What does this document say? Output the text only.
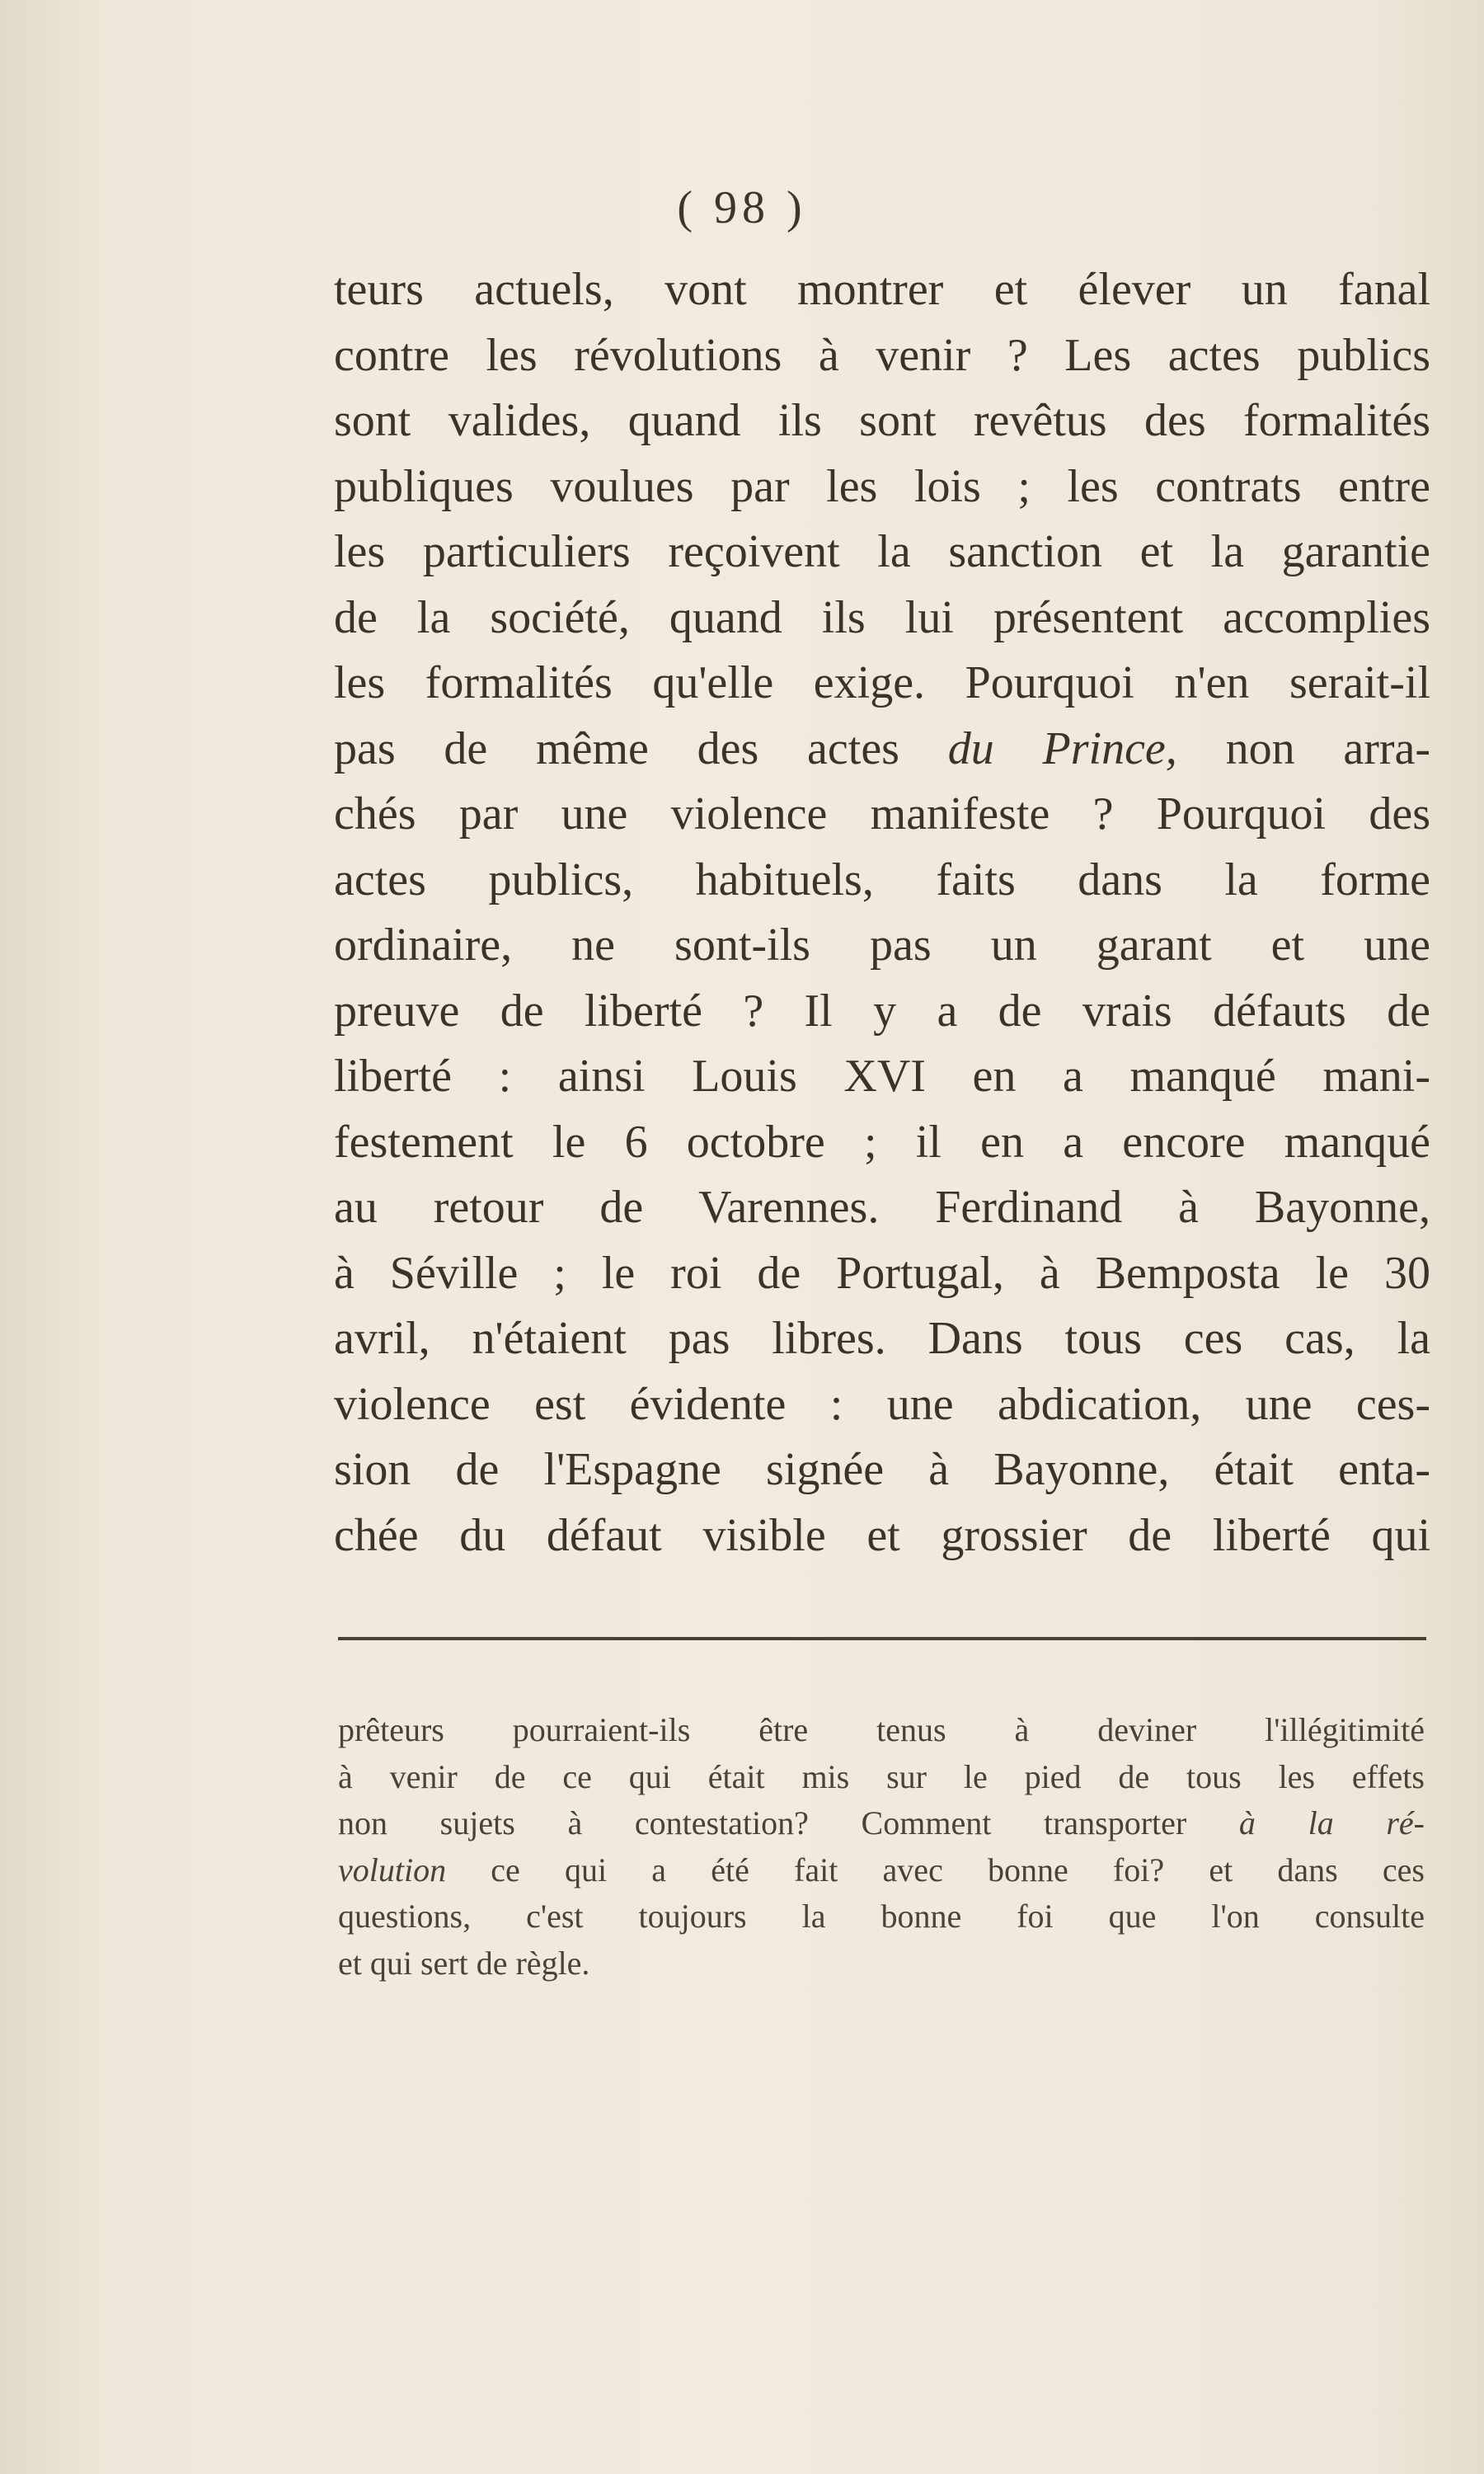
( 98 )
teurs actuels, vont montrer et élever un fanal
contre les révolutions à venir ? Les actes publics
sont valides, quand ils sont revêtus des formalités
publiques voulues par les lois ; les contrats entre
les particuliers reçoivent la sanction et la garantie
de la société, quand ils lui présentent accomplies
les formalités qu'elle exige. Pourquoi n'en serait-il
pas de même des actes du Prince, non arra-
chés par une violence manifeste ? Pourquoi des
actes publics, habituels, faits dans la forme
ordinaire, ne sont-ils pas un garant et une
preuve de liberté ? Il y a de vrais défauts de
liberté : ainsi Louis XVI en a manqué mani-
festement le 6 octobre ; il en a encore manqué
au retour de Varennes. Ferdinand à Bayonne,
à Séville ; le roi de Portugal, à Bemposta le 30
avril, n'étaient pas libres. Dans tous ces cas, la
violence est évidente : une abdication, une ces-
sion de l'Espagne signée à Bayonne, était enta-
chée du défaut visible et grossier de liberté qui
prêteurs pourraient-ils être tenus à deviner l'illégitimité
à venir de ce qui était mis sur le pied de tous les effets
non sujets à contestation? Comment transporter à la ré-
volution ce qui a été fait avec bonne foi? et dans ces
questions, c'est toujours la bonne foi que l'on consulte
et qui sert de règle.
